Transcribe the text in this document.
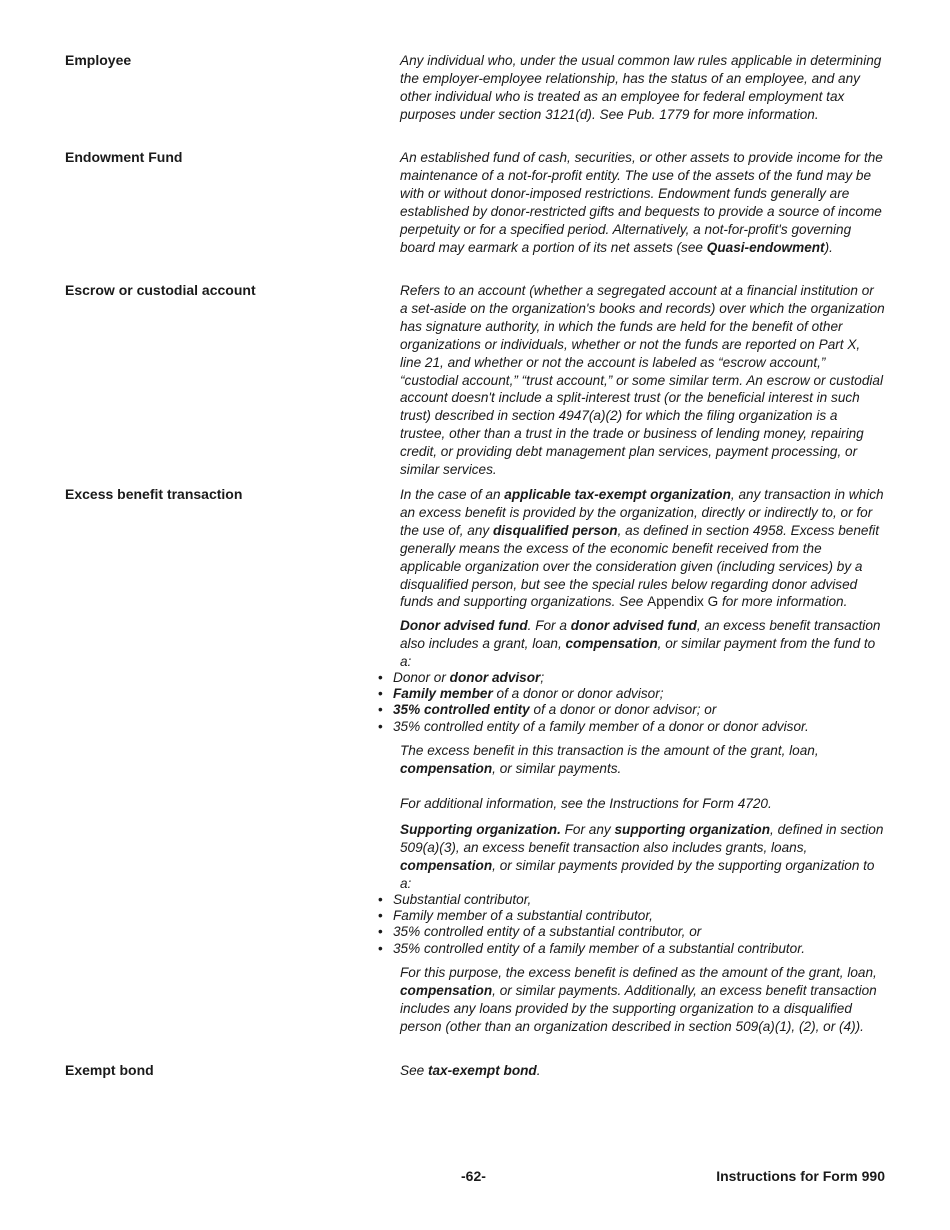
Employee	Any individual who, under the usual common law rules applicable in determining the employer-employee relationship, has the status of an employee, and any other individual who is treated as an employee for federal employment tax purposes under section 3121(d). See Pub. 1779 for more information.

Endowment Fund	An established fund of cash, securities, or other assets to provide income for the maintenance of a not-for-profit entity. The use of the assets of the fund may be with or without donor-imposed restrictions. Endowment funds generally are established by donor-restricted gifts and bequests to provide a source of income perpetuity or for a specified period. Alternatively, a not-for-profit's governing board may earmark a portion of its net assets (see Quasi-endowment).

Escrow or custodial account	Refers to an account (whether a segregated account at a financial institution or a set-aside on the organization's books and records) over which the organization has signature authority, in which the funds are held for the benefit of other organizations or individuals, whether or not the funds are reported on Part X, line 21, and whether or not the account is labeled as “escrow account,” “custodial account,” “trust account,” or some similar term. An escrow or custodial account doesn't include a split-interest trust (or the beneficial interest in such trust) described in section 4947(a)(2) for which the filing organization is a trustee, other than a trust in the trade or business of lending money, repairing credit, or providing debt management plan services, payment processing, or similar services.

Excess benefit transaction	In the case of an applicable tax-exempt organization, any transaction in which an excess benefit is provided by the organization, directly or indirectly to, or for the use of, any disqualified person, as defined in section 4958. Excess benefit generally means the excess of the economic benefit received from the applicable organization over the consideration given (including services) by a disqualified person, but see the special rules below regarding donor advised funds and supporting organizations. See Appendix G for more information.

Donor advised fund. For a donor advised fund, an excess benefit transaction also includes a grant, loan, compensation, or similar payment from the fund to a:

• Donor or donor advisor;
• Family member of a donor or donor advisor;
• 35% controlled entity of a donor or donor advisor; or
• 35% controlled entity of a family member of a donor or donor advisor.

The excess benefit in this transaction is the amount of the grant, loan, compensation, or similar payments.

For additional information, see the Instructions for Form 4720.

Supporting organization. For any supporting organization, defined in section 509(a)(3), an excess benefit transaction also includes grants, loans, compensation, or similar payments provided by the supporting organization to a:

• Substantial contributor,
• Family member of a substantial contributor,
• 35% controlled entity of a substantial contributor, or
• 35% controlled entity of a family member of a substantial contributor.

For this purpose, the excess benefit is defined as the amount of the grant, loan, compensation, or similar payments. Additionally, an excess benefit transaction includes any loans provided by the supporting organization to a disqualified person (other than an organization described in section 509(a)(1), (2), or (4)).

Exempt bond	See tax-exempt bond.

-62-	Instructions for Form 990
